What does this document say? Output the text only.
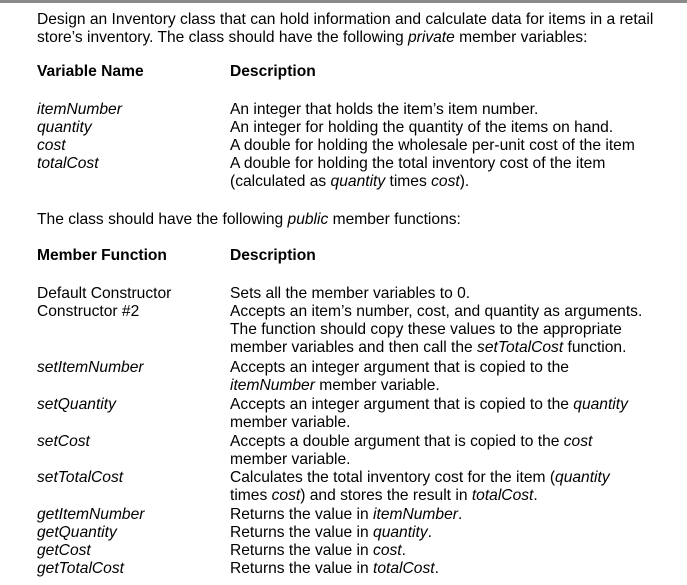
Design an Inventory class that can hold information and calculate data for items in a retail store’s inventory. The class should have the following private member variables:

Variable Name	Description
itemNumber	An integer that holds the item’s item number.
quantity	An integer for holding the quantity of the items on hand.
cost	A double for holding the wholesale per-unit cost of the item
totalCost	A double for holding the total inventory cost of the item
(calculated as quantity times cost).

The class should have the following public member functions:

Member Function	Description
Default Constructor	Sets all the member variables to 0.
Constructor #2	Accepts an item’s number, cost, and quantity as arguments.
The function should copy these values to the appropriate
member variables and then call the setTotalCost function.
setItemNumber	Accepts an integer argument that is copied to the
itemNumber member variable.
setQuantity	Accepts an integer argument that is copied to the quantity
member variable.
setCost	Accepts a double argument that is copied to the cost
member variable.
setTotalCost	Calculates the total inventory cost for the item (quantity
times cost) and stores the result in totalCost.
getItemNumber	Returns the value in itemNumber.
getQuantity	Returns the value in quantity.
getCost	Returns the value in cost.
getTotalCost	Returns the value in totalCost.
